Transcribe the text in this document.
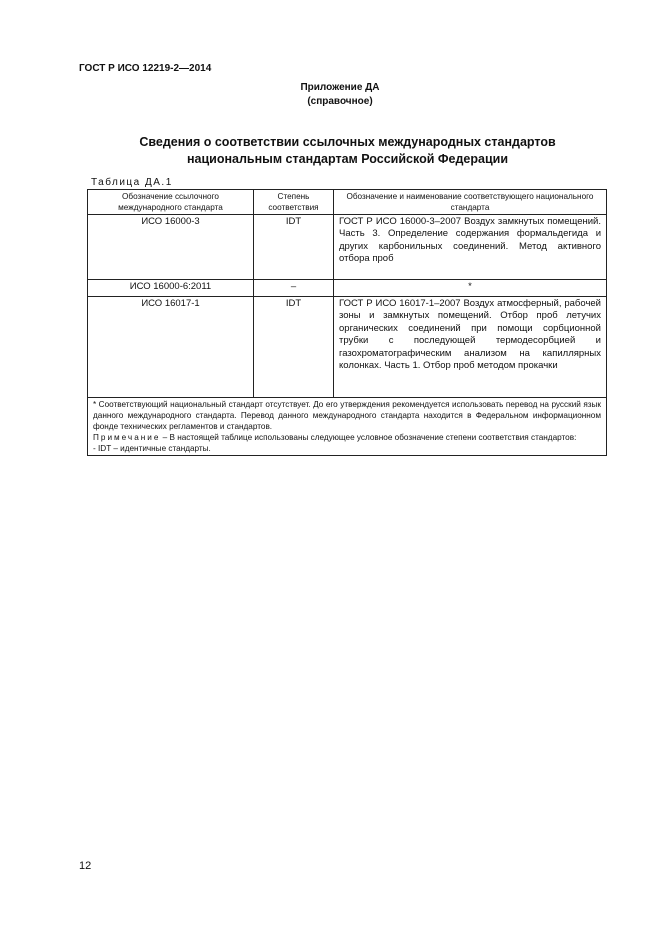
ГОСТ Р ИСО 12219-2—2014
Приложение ДА
(справочное)
Сведения о соответствии ссылочных международных стандартов
национальным стандартам Российской Федерации
Таблица ДА.1
Обозначение ссылочного международного стандарта	Степень соответствия	Обозначение и наименование соответствующего национального стандарта
ИСО 16000-3	IDT	ГОСТ Р ИСО 16000-3–2007 Воздух замкнутых помещений. Часть 3. Определение содержания формальдегида и других карбонильных соединений. Метод активного отбора проб
ИСО 16000-6:2011	–	*
ИСО 16017-1	IDT	ГОСТ Р ИСО 16017-1–2007 Воздух атмосферный, рабочей зоны и замкнутых помещений. Отбор проб летучих органических соединений при помощи сорбционной трубки с последующей термодесорбцией и газохроматографическим анализом на капиллярных колонках. Часть 1. Отбор проб методом прокачки

* Соответствующий национальный стандарт отсутствует. До его утверждения рекомендуется использовать перевод на русский язык данного международного стандарта. Перевод данного международного стандарта находится в Федеральном информационном фонде технических регламентов и стандартов.
Примечание – В настоящей таблице использованы следующее условное обозначение степени соответствия стандартов:
- IDT – идентичные стандарты.		
12
